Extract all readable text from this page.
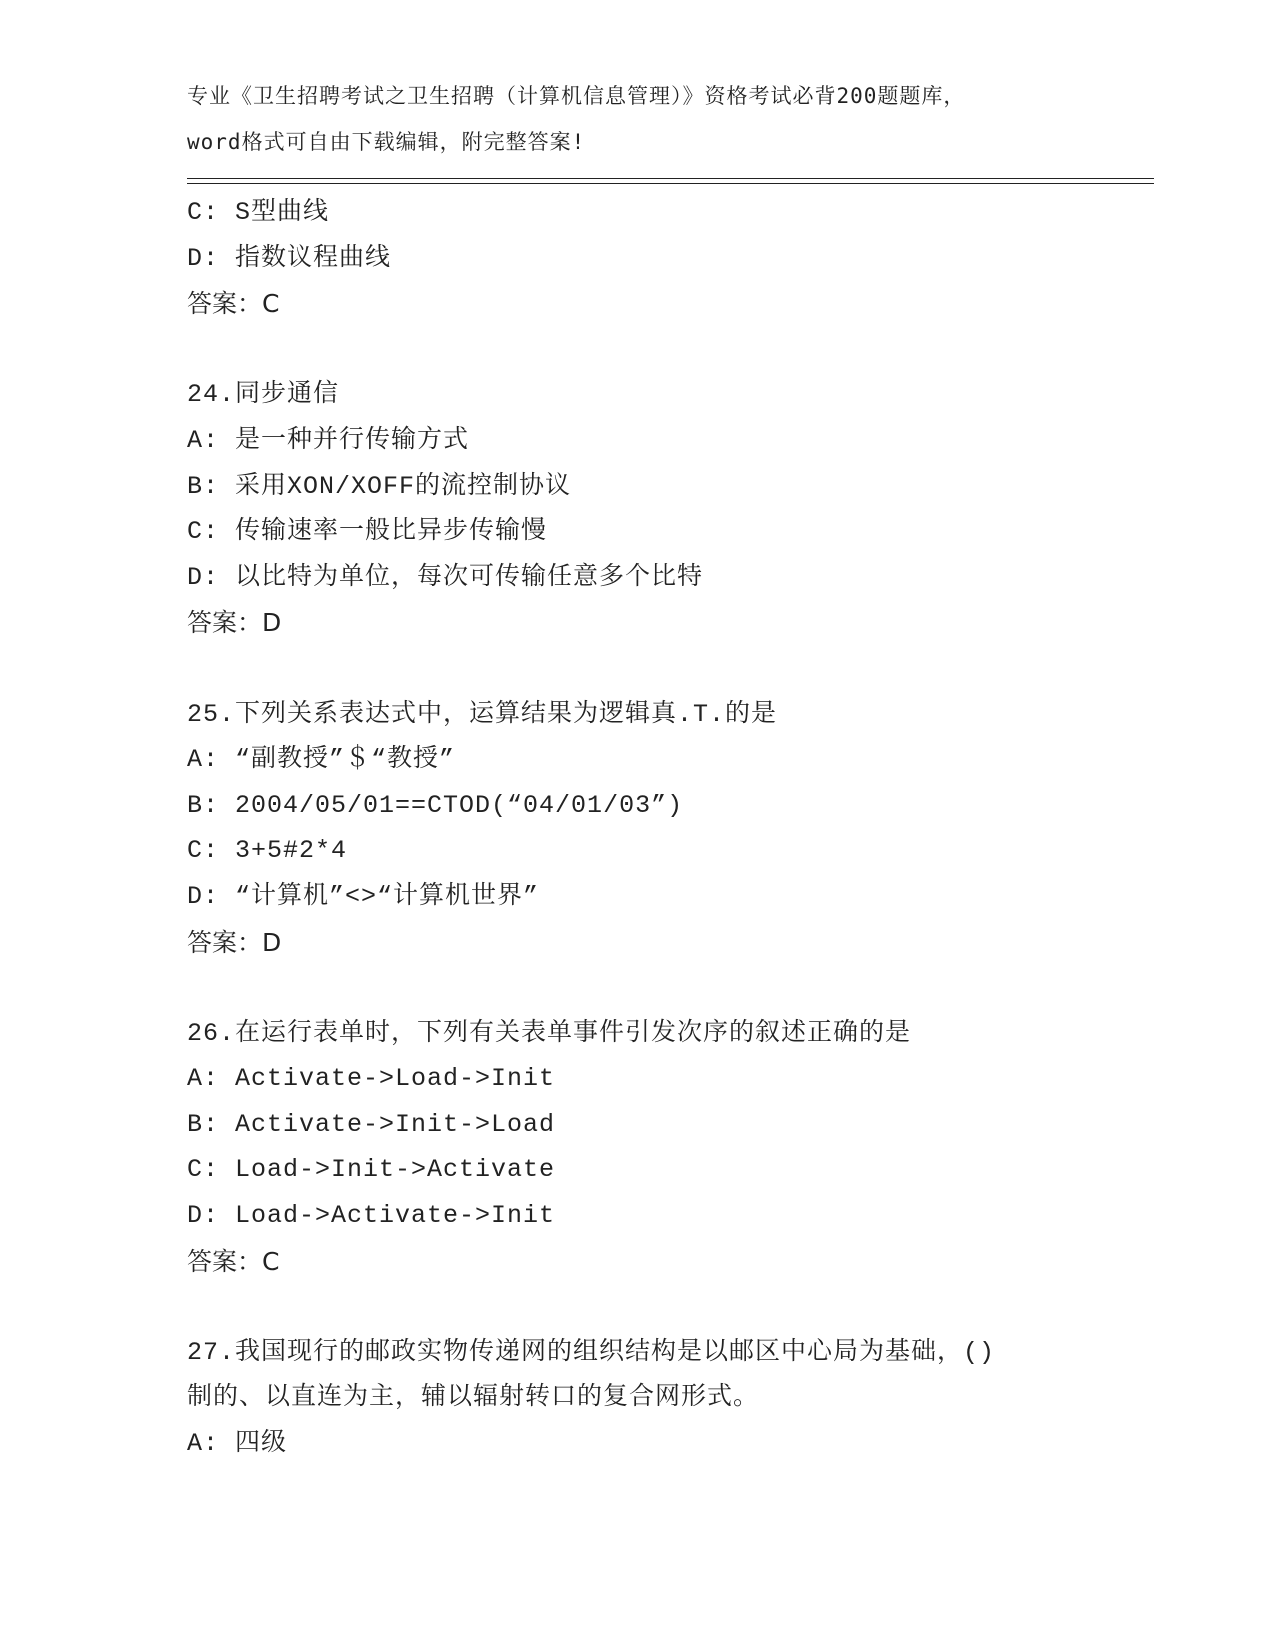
专业《卫生招聘考试之卫生招聘（计算机信息管理）》资格考试必背200题题库，
word格式可自由下载编辑，附完整答案!
C: S型曲线
D: 指数议程曲线
答案：C
24.同步通信
A: 是一种并行传输方式
B: 采用XON/XOFF的流控制协议
C: 传输速率一般比异步传输慢
D: 以比特为单位，每次可传输任意多个比特
答案：D
25.下列关系表达式中，运算结果为逻辑真.T.的是
A: “副教授”＄“教授”
B: 2004/05/01==CTOD(“04/01/03”)
C: 3+5#2*4
D: “计算机”<>“计算机世界”
答案：D
26.在运行表单时，下列有关表单事件引发次序的叙述正确的是
A: Activate->Load->Init
B: Activate->Init->Load
C: Load->Init->Activate
D: Load->Activate->Init
答案：C
27.我国现行的邮政实物传递网的组织结构是以邮区中心局为基础，()
制的、以直连为主，辅以辐射转口的复合网形式。
A: 四级
